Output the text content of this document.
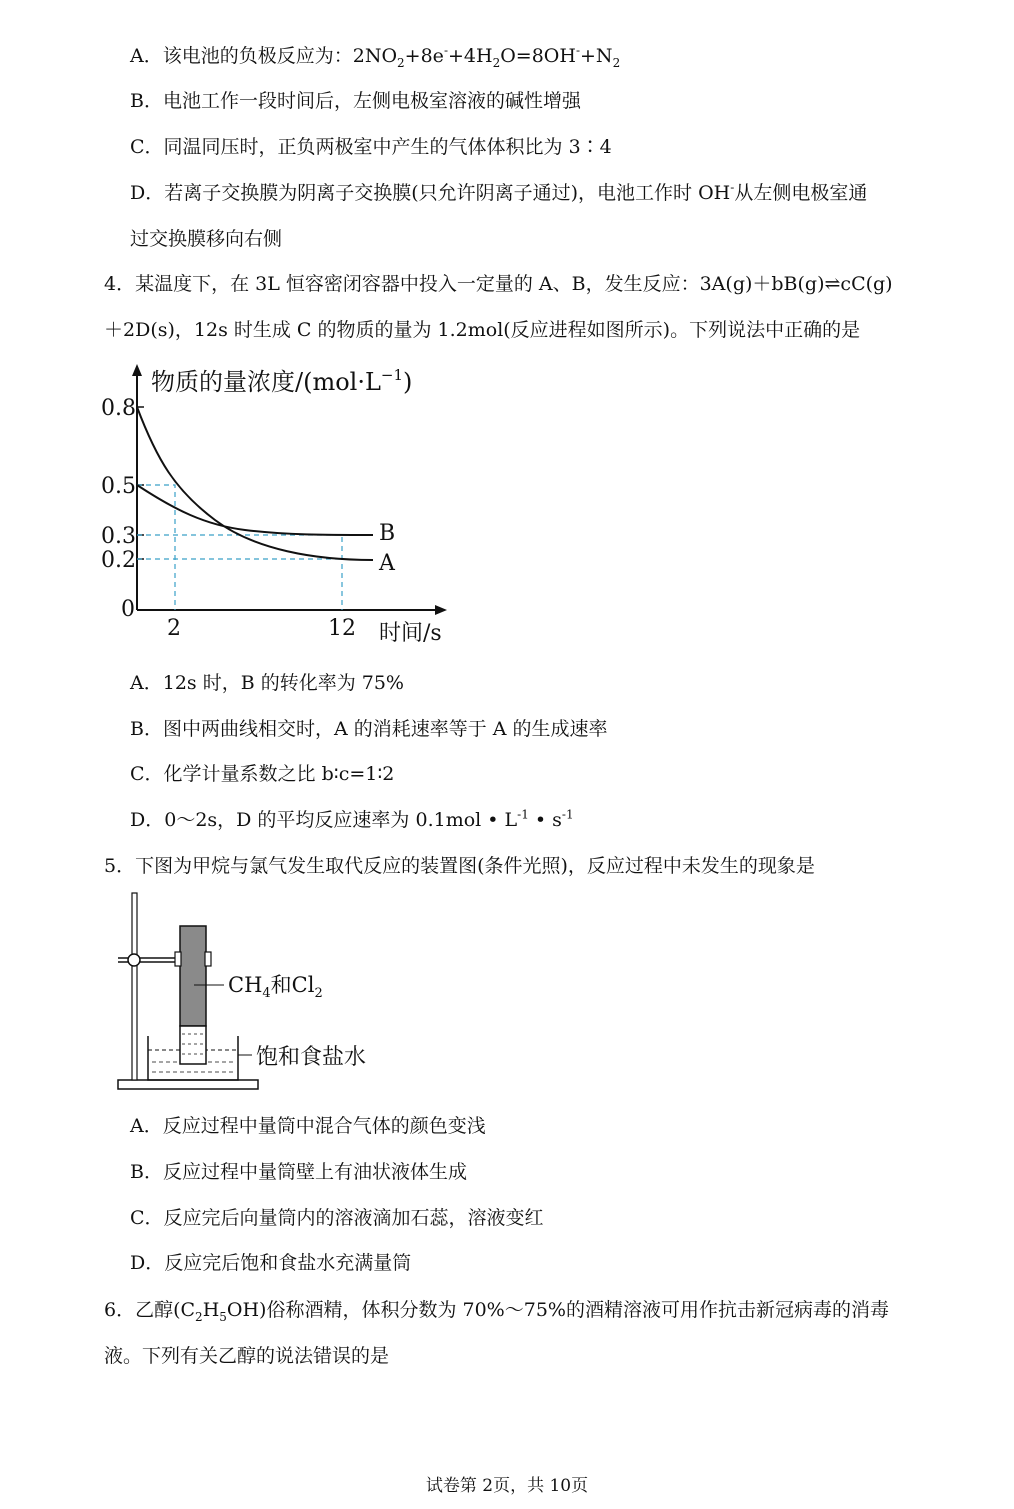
A．该电池的负极反应为：$2NO_2+8e^-+4H_2O=8OH^-+N_2$
B．电池工作一段时间后，左侧电极室溶液的碱性增强
C．同温同压时，正负两极室中产生的气体体积比为 3∶4
D．若离子交换膜为阴离子交换膜(只允许阴离子通过)，电池工作时 OH-从左侧电极室通
过交换膜移向右侧
4．某温度下，在 3L 恒容密闭容器中投入一定量的 A、B，发生反应：3A(g)＋bB(g)⇌cC(g)
＋2D(s)，12s 时生成 C 的物质的量为 1.2mol(反应进程如图所示)。下列说法中正确的是
物质的量浓度$/(mol\cdot L^{-1})$
0.8
0.5
0.3
0.2
0
2	12 时间/s
B
A
A．12s 时，B 的转化率为 75%
B．图中两曲线相交时，A 的消耗速率等于 A 的生成速率
C．化学计量系数之比 b∶c=1∶2
D．0～2s，D 的平均反应速率为 0.1mol • $L^{-1}$ • $s^{-1}$
5．下图为甲烷与氯气发生取代反应的装置图(条件光照)，反应过程中未发生的现象是
$CH_4$和$Cl_2$
饱和食盐水
A．反应过程中量筒中混合气体的颜色变浅
B．反应过程中量筒壁上有油状液体生成
C．反应完后向量筒内的溶液滴加石蕊，溶液变红
D．反应完后饱和食盐水充满量筒
6．乙醇$(C_2H_5OH)$俗称酒精，体积分数为 70%～75%的酒精溶液可用作抗击新冠病毒的消毒
液。下列有关乙醇的说法错误的是
试卷第 2页，共 10页
